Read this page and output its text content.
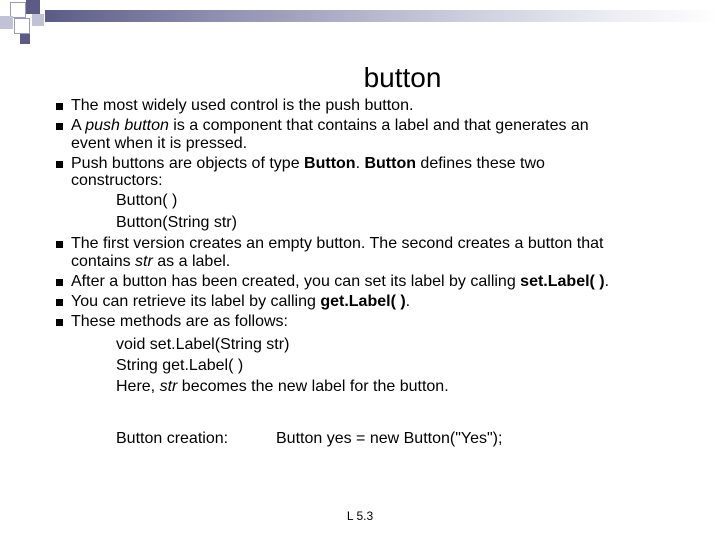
button
The most widely used control is the push button.
A push button is a component that contains a label and that generates an
event when it is pressed.
Push buttons are objects of type Button. Button defines these two
constructors:
Button( )
Button(String str)
The first version creates an empty button. The second creates a button that
contains str as a label.
After a button has been created, you can set its label by calling set.Label( ).
You can retrieve its label by calling get.Label( ).
These methods are as follows:
void set.Label(String str)
String get.Label( )
Here, str becomes the new label for the button.
Button creation:	Button yes = new Button("Yes");
L 5.3
